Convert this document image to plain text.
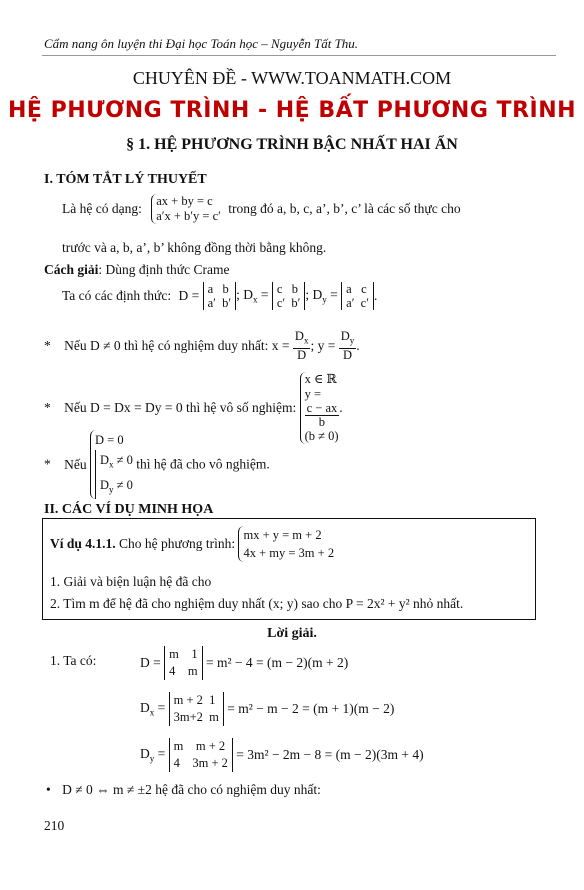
Cẩm nang ôn luyện thi Đại học Toán học – Nguyễn Tất Thu.
CHUYÊN ĐỀ - WWW.TOANMATH.COM
HỆ PHƯƠNG TRÌNH - HỆ BẤT PHƯƠNG TRÌNH
§ 1. HỆ PHƯƠNG TRÌNH BẬC NHẤT HAI ẨN
I. TÓM TẮT LÝ THUYẾT
Là hệ có dạng: ax + by = c
a′x + b′y = c′ trong đó a, b, c, a’, b’, c’ là các số thực cho
trước và a, b, a’, b’ không đồng thời bằng không.
Cách giải: Dùng định thức Crame
Ta có các định thức: D = a   b
a′  b′
; $D_x = c$   b
c′  b′
; $D_y = a$   c
a′  c′ .
* Nếu D ≠ 0 thì hệ có nghiệm duy nhất: $x = \frac{D_x}{D}$ ; $y = \frac{D_y}{D}$ .
* Nếu D = Dx = Dy = 0 thì hệ vô số nghiệm:
x ∈ ℝ
y =
c − ax
b
(b ≠ 0)
.
* Nếu
D = 0
$D_x \ne 0$
$D_y \ne 0$
thì hệ đã cho vô nghiệm.
II. CÁC VÍ DỤ MINH HỌA
Ví dụ 4.1.1. Cho hệ phương trình:
mx + y = m + 2
4x + my = 3m + 2
1. Giải và biện luận hệ đã cho
2. Tìm m để hệ đã cho nghiệm duy nhất (x; y) sao cho P = 2x² + y² nhỏ nhất.
Lời giải.
1. Ta có:	D =
m    1
4    m
= m² − 4 = (m − 2)(m + 2)
$D_x$ =
m + 2  1
3m+2  m
= m² − m − 2 = (m + 1)(m − 2)
$D_y$ =
m    m + 2
4    3m + 2
= 3m² − 2m − 8 = (m − 2)(3m + 4)
• D ≠ 0 ⇔ m ≠ ±2 hệ đã cho có nghiệm duy nhất:
210
